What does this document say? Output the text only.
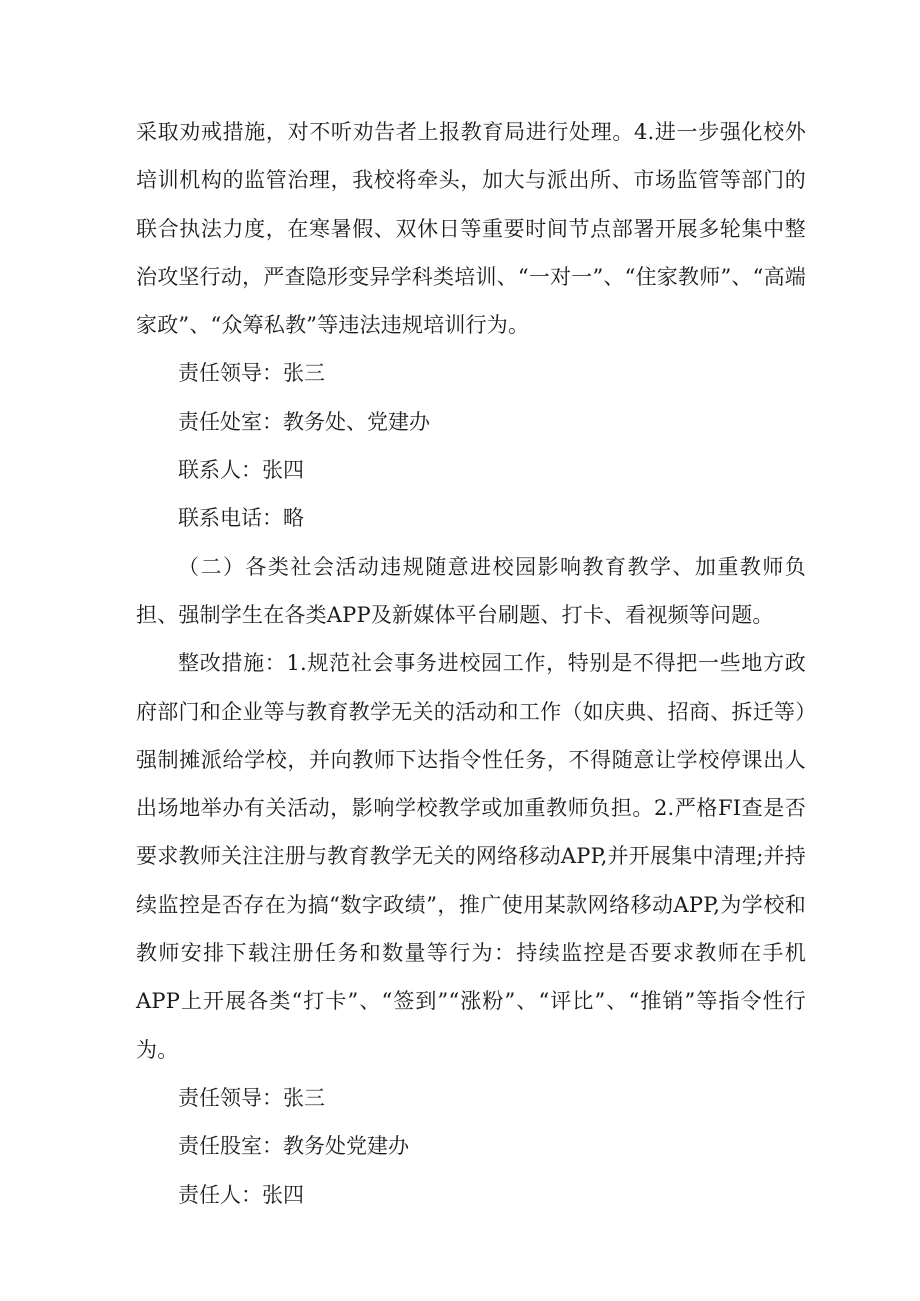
采取劝戒措施，对不听劝告者上报教育局进行处理。4.进一步强化校外培训机构的监管治理，我校将牵头，加大与派出所、市场监管等部门的联合执法力度，在寒暑假、双休日等重要时间节点部署开展多轮集中整治攻坚行动，严查隐形变异学科类培训、“一对一”、“住家教师”、“高端家政”、“众筹私教”等违法违规培训行为。

责任领导：张三

责任处室：教务处、党建办

联系人：张四

联系电话：略

（二）各类社会活动违规随意进校园影响教育教学、加重教师负担、强制学生在各类APP及新媒体平台刷题、打卡、看视频等问题。

整改措施：1.规范社会事务进校园工作，特别是不得把一些地方政府部门和企业等与教育教学无关的活动和工作（如庆典、招商、拆迁等）强制摊派给学校，并向教师下达指令性任务，不得随意让学校停课出人出场地举办有关活动，影响学校教学或加重教师负担。2.严格FI查是否要求教师关注注册与教育教学无关的网络移动APP,并开展集中清理;并持续监控是否存在为搞“数字政绩”，推广使用某款网络移动APP,为学校和教师安排下载注册任务和数量等行为：持续监控是否要求教师在手机APP上开展各类“打卡”、“签到”“涨粉”、“评比”、“推销”等指令性行为。

责任领导：张三

责任股室：教务处党建办

责任人：张四
